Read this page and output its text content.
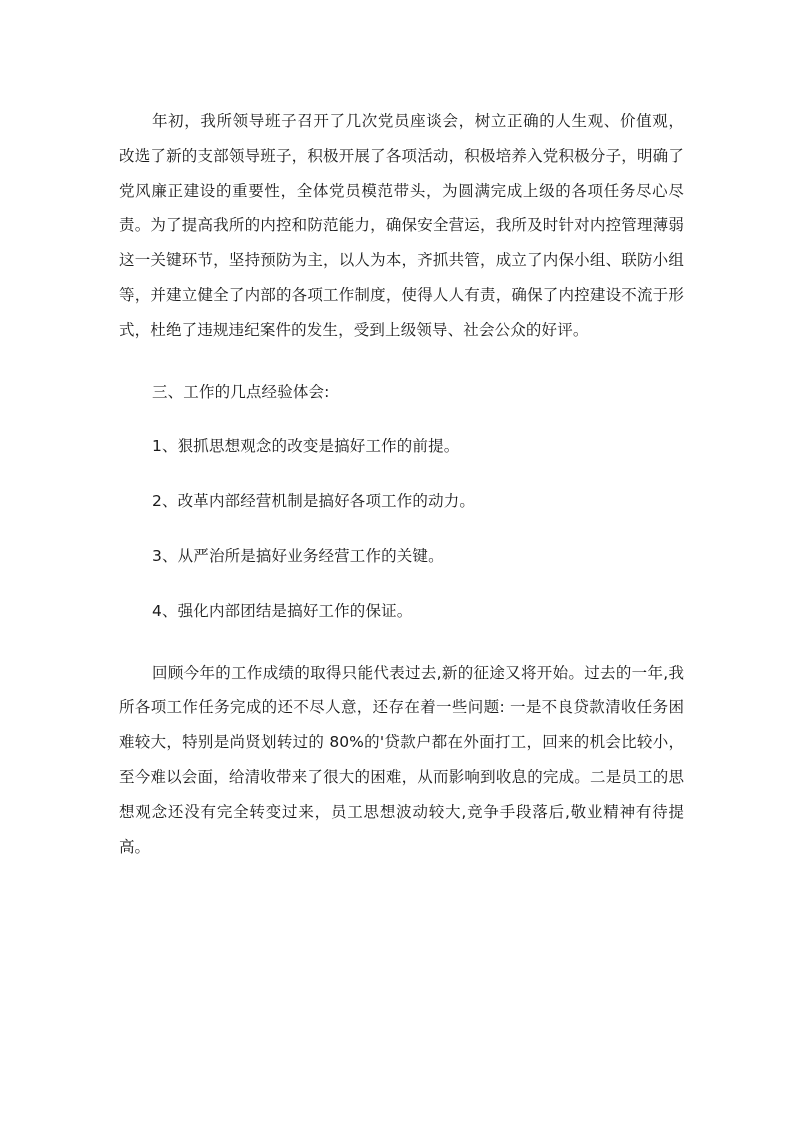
年初，我所领导班子召开了几次党员座谈会，树立正确的人生观、价值观，改选了新的支部领导班子，积极开展了各项活动，积极培养入党积极分子，明确了党风廉正建设的重要性，全体党员模范带头，为圆满完成上级的各项任务尽心尽责。为了提高我所的内控和防范能力，确保安全营运，我所及时针对内控管理薄弱这一关键环节，坚持预防为主，以人为本，齐抓共管，成立了内保小组、联防小组等，并建立健全了内部的各项工作制度，使得人人有责，确保了内控建设不流于形式，杜绝了违规违纪案件的发生，受到上级领导、社会公众的好评。

三、工作的几点经验体会:

1、狠抓思想观念的改变是搞好工作的前提。

2、改革内部经营机制是搞好各项工作的动力。

3、从严治所是搞好业务经营工作的关键。

4、强化内部团结是搞好工作的保证。

回顾今年的工作成绩的取得只能代表过去,新的征途又将开始。过去的一年,我所各项工作任务完成的还不尽人意，还存在着一些问题: 一是不良贷款清收任务困难较大，特别是尚贤划转过的 80%的'贷款户都在外面打工，回来的机会比较小，至今难以会面，给清收带来了很大的困难，从而影响到收息的完成。二是员工的思想观念还没有完全转变过来，员工思想波动较大,竞争手段落后,敬业精神有待提高。
